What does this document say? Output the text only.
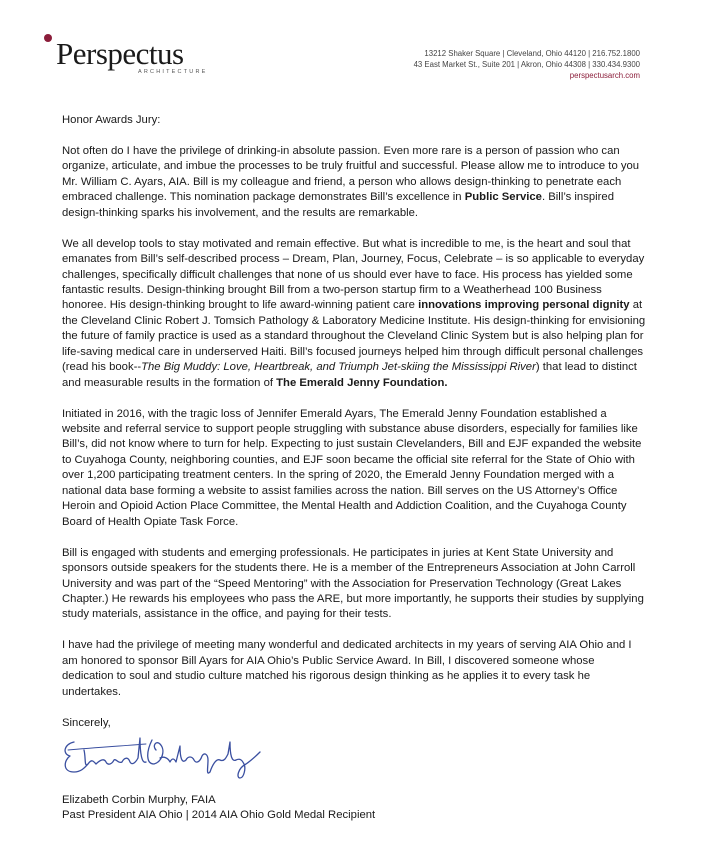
Perspectus
ARCHITECTURE
13212 Shaker Square | Cleveland, Ohio 44120 | 216.752.1800
43 East Market St., Suite 201 | Akron, Ohio 44308 | 330.434.9300
perspectusarch.com

Honor Awards Jury:

Not often do I have the privilege of drinking-in absolute passion. Even more rare is a person of passion who can organize, articulate, and imbue the processes to be truly fruitful and successful. Please allow me to introduce to you Mr. William C. Ayars, AIA. Bill is my colleague and friend, a person who allows design-thinking to penetrate each embraced challenge. This nomination package demonstrates Bill’s excellence in Public Service. Bill’s inspired design-thinking sparks his involvement, and the results are remarkable.

We all develop tools to stay motivated and remain effective. But what is incredible to me, is the heart and soul that emanates from Bill’s self-described process – Dream, Plan, Journey, Focus, Celebrate – is so applicable to everyday challenges, specifically difficult challenges that none of us should ever have to face. His process has yielded some fantastic results. Design-thinking brought Bill from a two-person startup firm to a Weatherhead 100 Business honoree. His design-thinking brought to life award-winning patient care innovations improving personal dignity at the Cleveland Clinic Robert J. Tomsich Pathology & Laboratory Medicine Institute. His design-thinking for envisioning the future of family practice is used as a standard throughout the Cleveland Clinic System but is also helping plan for life-saving medical care in underserved Haiti. Bill’s focused journeys helped him through difficult personal challenges (read his book--The Big Muddy: Love, Heartbreak, and Triumph Jet-skiing the Mississippi River) that lead to distinct and measurable results in the formation of The Emerald Jenny Foundation.

Initiated in 2016, with the tragic loss of Jennifer Emerald Ayars, The Emerald Jenny Foundation established a website and referral service to support people struggling with substance abuse disorders, especially for families like Bill’s, did not know where to turn for help. Expecting to just sustain Clevelanders, Bill and EJF expanded the website to Cuyahoga County, neighboring counties, and EJF soon became the official site referral for the State of Ohio with over 1,200 participating treatment centers. In the spring of 2020, the Emerald Jenny Foundation merged with a national data base forming a website to assist families across the nation. Bill serves on the US Attorney’s Office Heroin and Opioid Action Place Committee, the Mental Health and Addiction Coalition, and the Cuyahoga County Board of Health Opiate Task Force.

Bill is engaged with students and emerging professionals. He participates in juries at Kent State University and sponsors outside speakers for the students there. He is a member of the Entrepreneurs Association at John Carroll University and was part of the “Speed Mentoring” with the Association for Preservation Technology (Great Lakes Chapter.) He rewards his employees who pass the ARE, but more importantly, he supports their studies by supplying study materials, assistance in the office, and paying for their tests.

I have had the privilege of meeting many wonderful and dedicated architects in my years of serving AIA Ohio and I am honored to sponsor Bill Ayars for AIA Ohio’s Public Service Award. In Bill, I discovered someone whose dedication to soul and studio culture matched his rigorous design thinking as he applies it to every task he undertakes.

Sincerely,

Elizabeth Corbin Murphy, FAIA
Past President AIA Ohio | 2014 AIA Ohio Gold Medal Recipient
